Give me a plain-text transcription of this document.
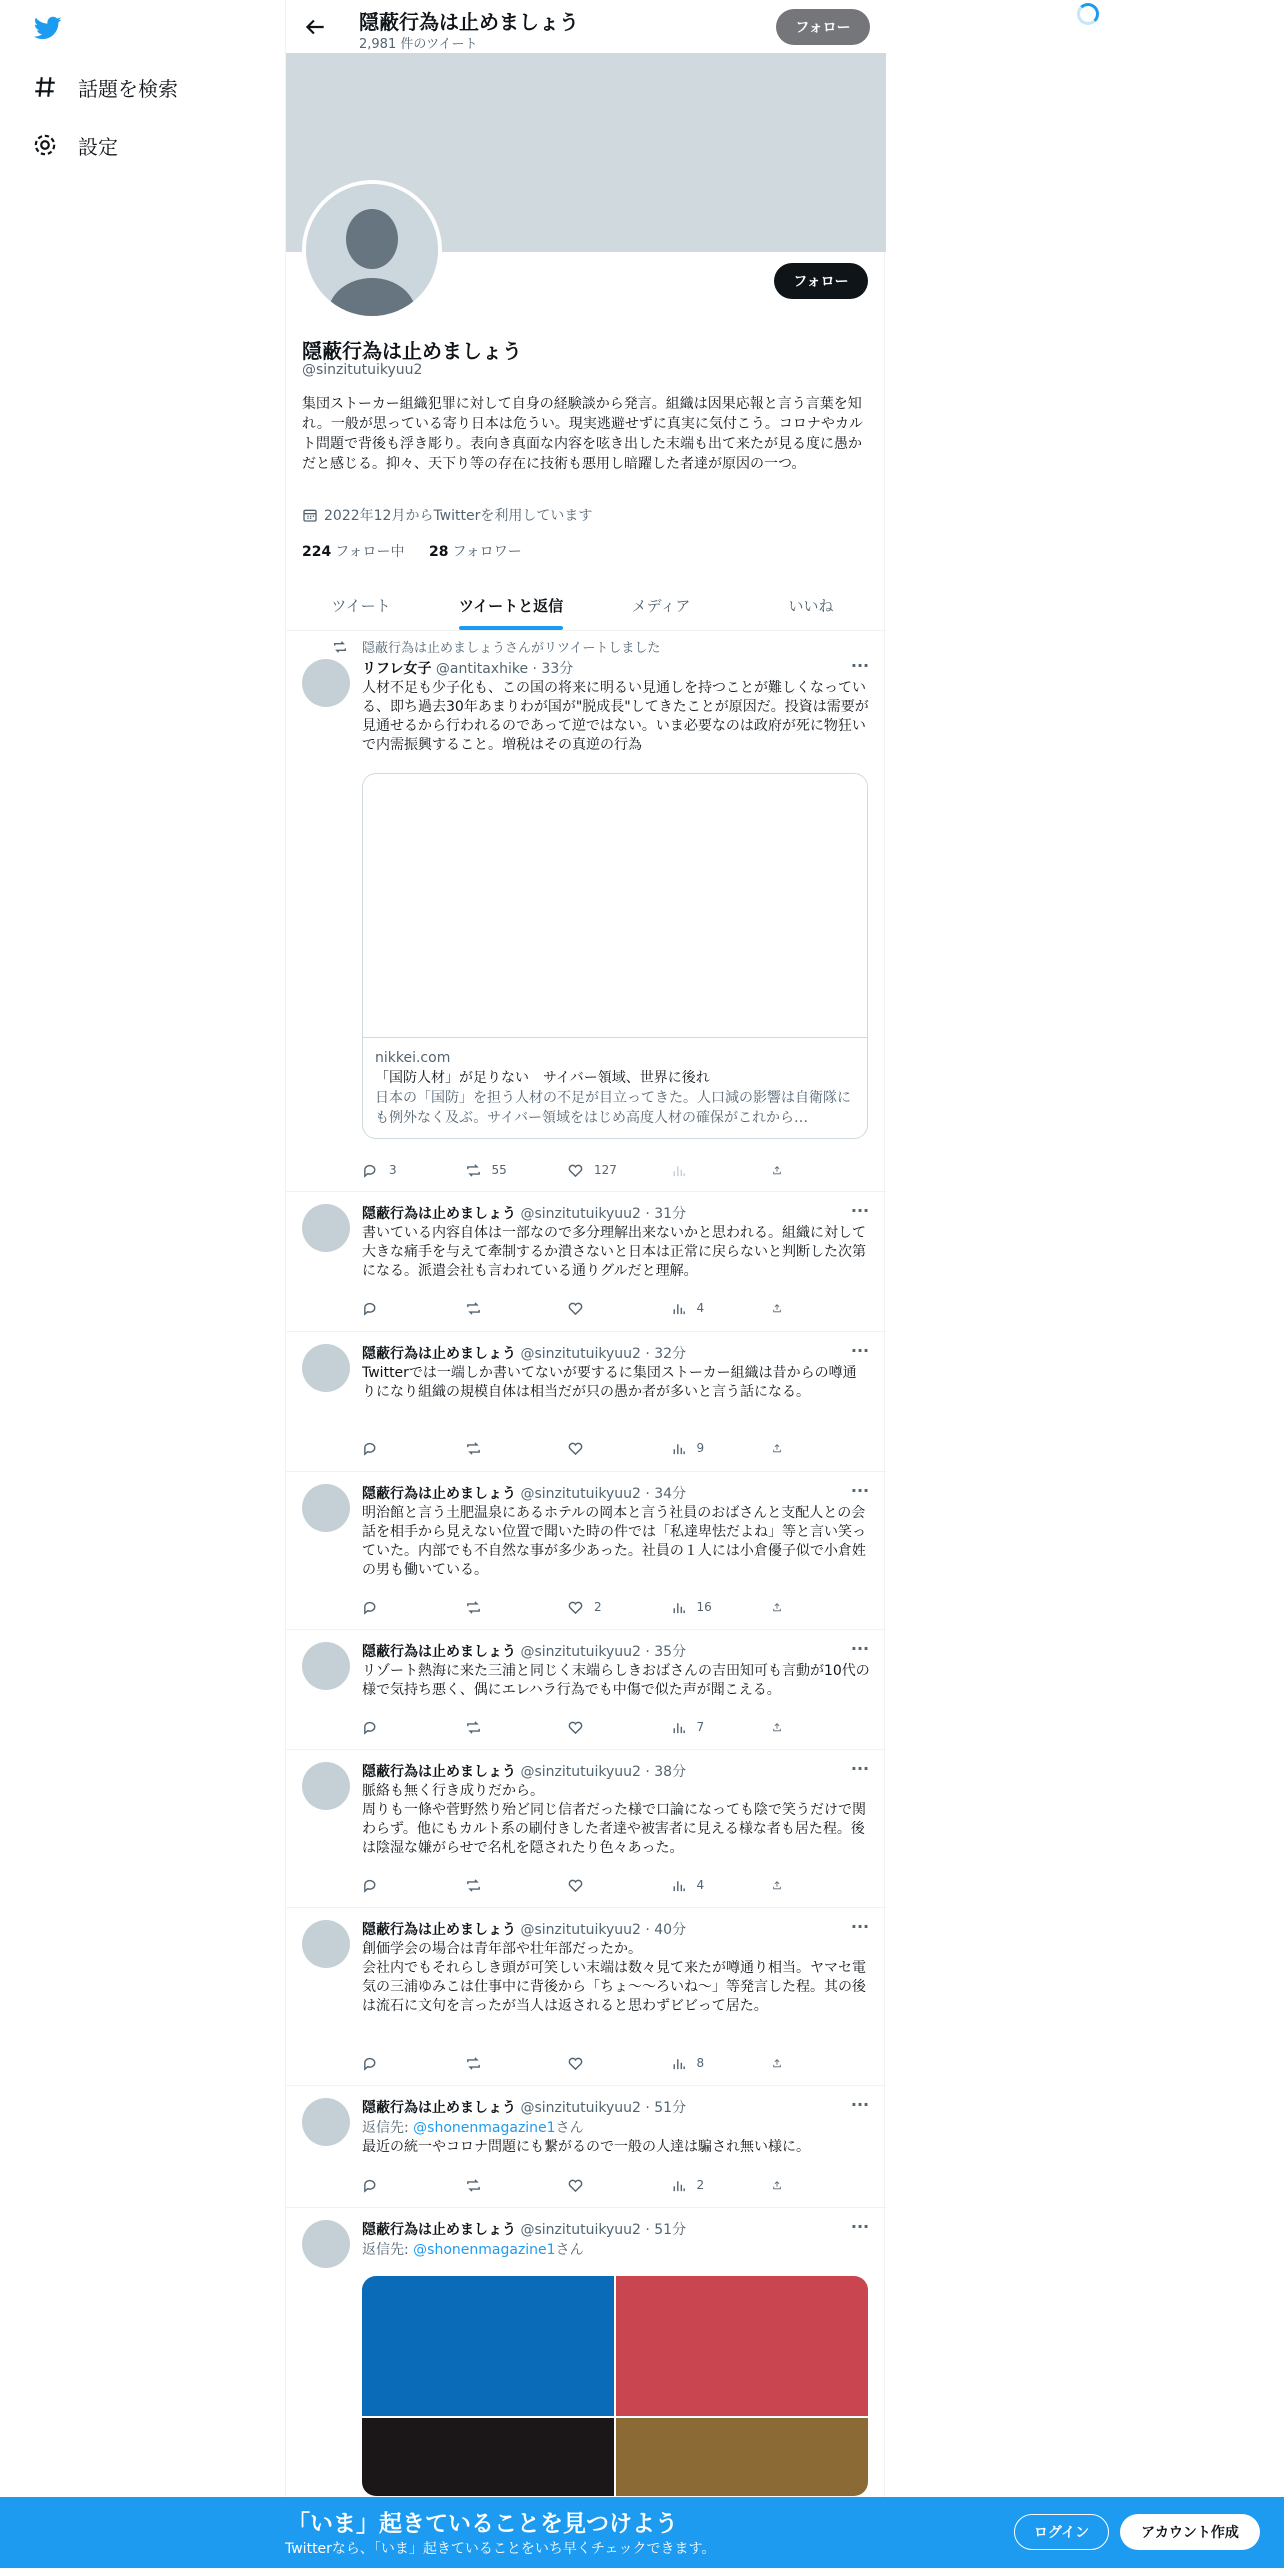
話題を検索
設定
隠蔽行為は止めましょう
2,981 件のツイート
フォロー
フォロー
隠蔽行為は止めましょう
@sinzitutuikyuu2
集団ストーカー組織犯罪に対して自身の経験談から発言。組織は因果応報と言う言葉を知れ。一般が思っている寄り日本は危うい。現実逃避せずに真実に気付こう。コロナやカルト問題で背後も浮き彫り。表向き真面な内容を呟き出した末端も出て来たが見る度に愚かだと感じる。抑々、天下り等の存在に技術も悪用し暗躍した者達が原因の一つ。
2022年12月からTwitterを利用しています
224 フォロー中 28 フォロワー
ツイート	ツイートと返信	メディア	いいね
隠蔽行為は止めましょうさんがリツイートしました
···
リフレ女子 @antitaxhike · 33分
人材不足も少子化も、この国の将来に明るい見通しを持つことが難しくなっている、即ち過去30年あまりわが国が"脱成長"してきたことが原因だ。投資は需要が見通せるから行われるのであって逆ではない。いま必要なのは政府が死に物狂いで内需振興すること。増税はその真逆の行為
nikkei.com
「国防人材」が足りない　サイバー領域、世界に後れ
日本の「国防」を担う人材の不足が目立ってきた。人口減の影響は自衛隊にも例外なく及ぶ。サイバー領域をはじめ高度人材の確保がこれから…
3	55	127
···
隠蔽行為は止めましょう @sinzitutuikyuu2 · 31分
書いている内容自体は一部なので多分理解出来ないかと思われる。組織に対して大きな痛手を与えて牽制するか潰さないと日本は正常に戻らないと判断した次第になる。派遣会社も言われている通りグルだと理解。
4
···
隠蔽行為は止めましょう @sinzitutuikyuu2 · 32分
Twitterでは一端しか書いてないが要するに集団ストーカー組織は昔からの噂通りになり組織の規模自体は相当だが只の愚か者が多いと言う話になる。
9
···
隠蔽行為は止めましょう @sinzitutuikyuu2 · 34分
明治館と言う土肥温泉にあるホテルの岡本と言う社員のおばさんと支配人との会話を相手から見えない位置で聞いた時の件では「私達卑怯だよね」等と言い笑っていた。内部でも不自然な事が多少あった。社員の１人には小倉優子似で小倉姓の男も働いている。
2	16
···
隠蔽行為は止めましょう @sinzitutuikyuu2 · 35分
リゾート熱海に来た三浦と同じく末端らしきおばさんの吉田知可も言動が10代の様で気持ち悪く、偶にエレハラ行為でも中傷で似た声が聞こえる。
7
···
隠蔽行為は止めましょう @sinzitutuikyuu2 · 38分
脈絡も無く行き成りだから。
周りも一條や菅野然り殆ど同じ信者だった様で口論になっても陰で笑うだけで関わらず。他にもカルト系の刷付きした者達や被害者に見える様な者も居た程。後は陰湿な嫌がらせで名札を隠されたり色々あった。
4
···
隠蔽行為は止めましょう @sinzitutuikyuu2 · 40分
創価学会の場合は青年部や壮年部だったか。
会社内でもそれらしき頭が可笑しい末端は数々見て来たが噂通り相当。ヤマセ電気の三浦ゆみこは仕事中に背後から「ちょ〜〜ろいね〜」等発言した程。其の後は流石に文句を言ったが当人は返されると思わずビビって居た。
8
···
隠蔽行為は止めましょう @sinzitutuikyuu2 · 51分
返信先: @shonenmagazine1さん
最近の統一やコロナ問題にも繋がるので一般の人達は騙され無い様に。
2
···
隠蔽行為は止めましょう @sinzitutuikyuu2 · 51分
返信先: @shonenmagazine1さん
「いま」起きていることを見つけよう
Twitterなら、「いま」起きていることをいち早くチェックできます。
ログイン	アカウント作成
